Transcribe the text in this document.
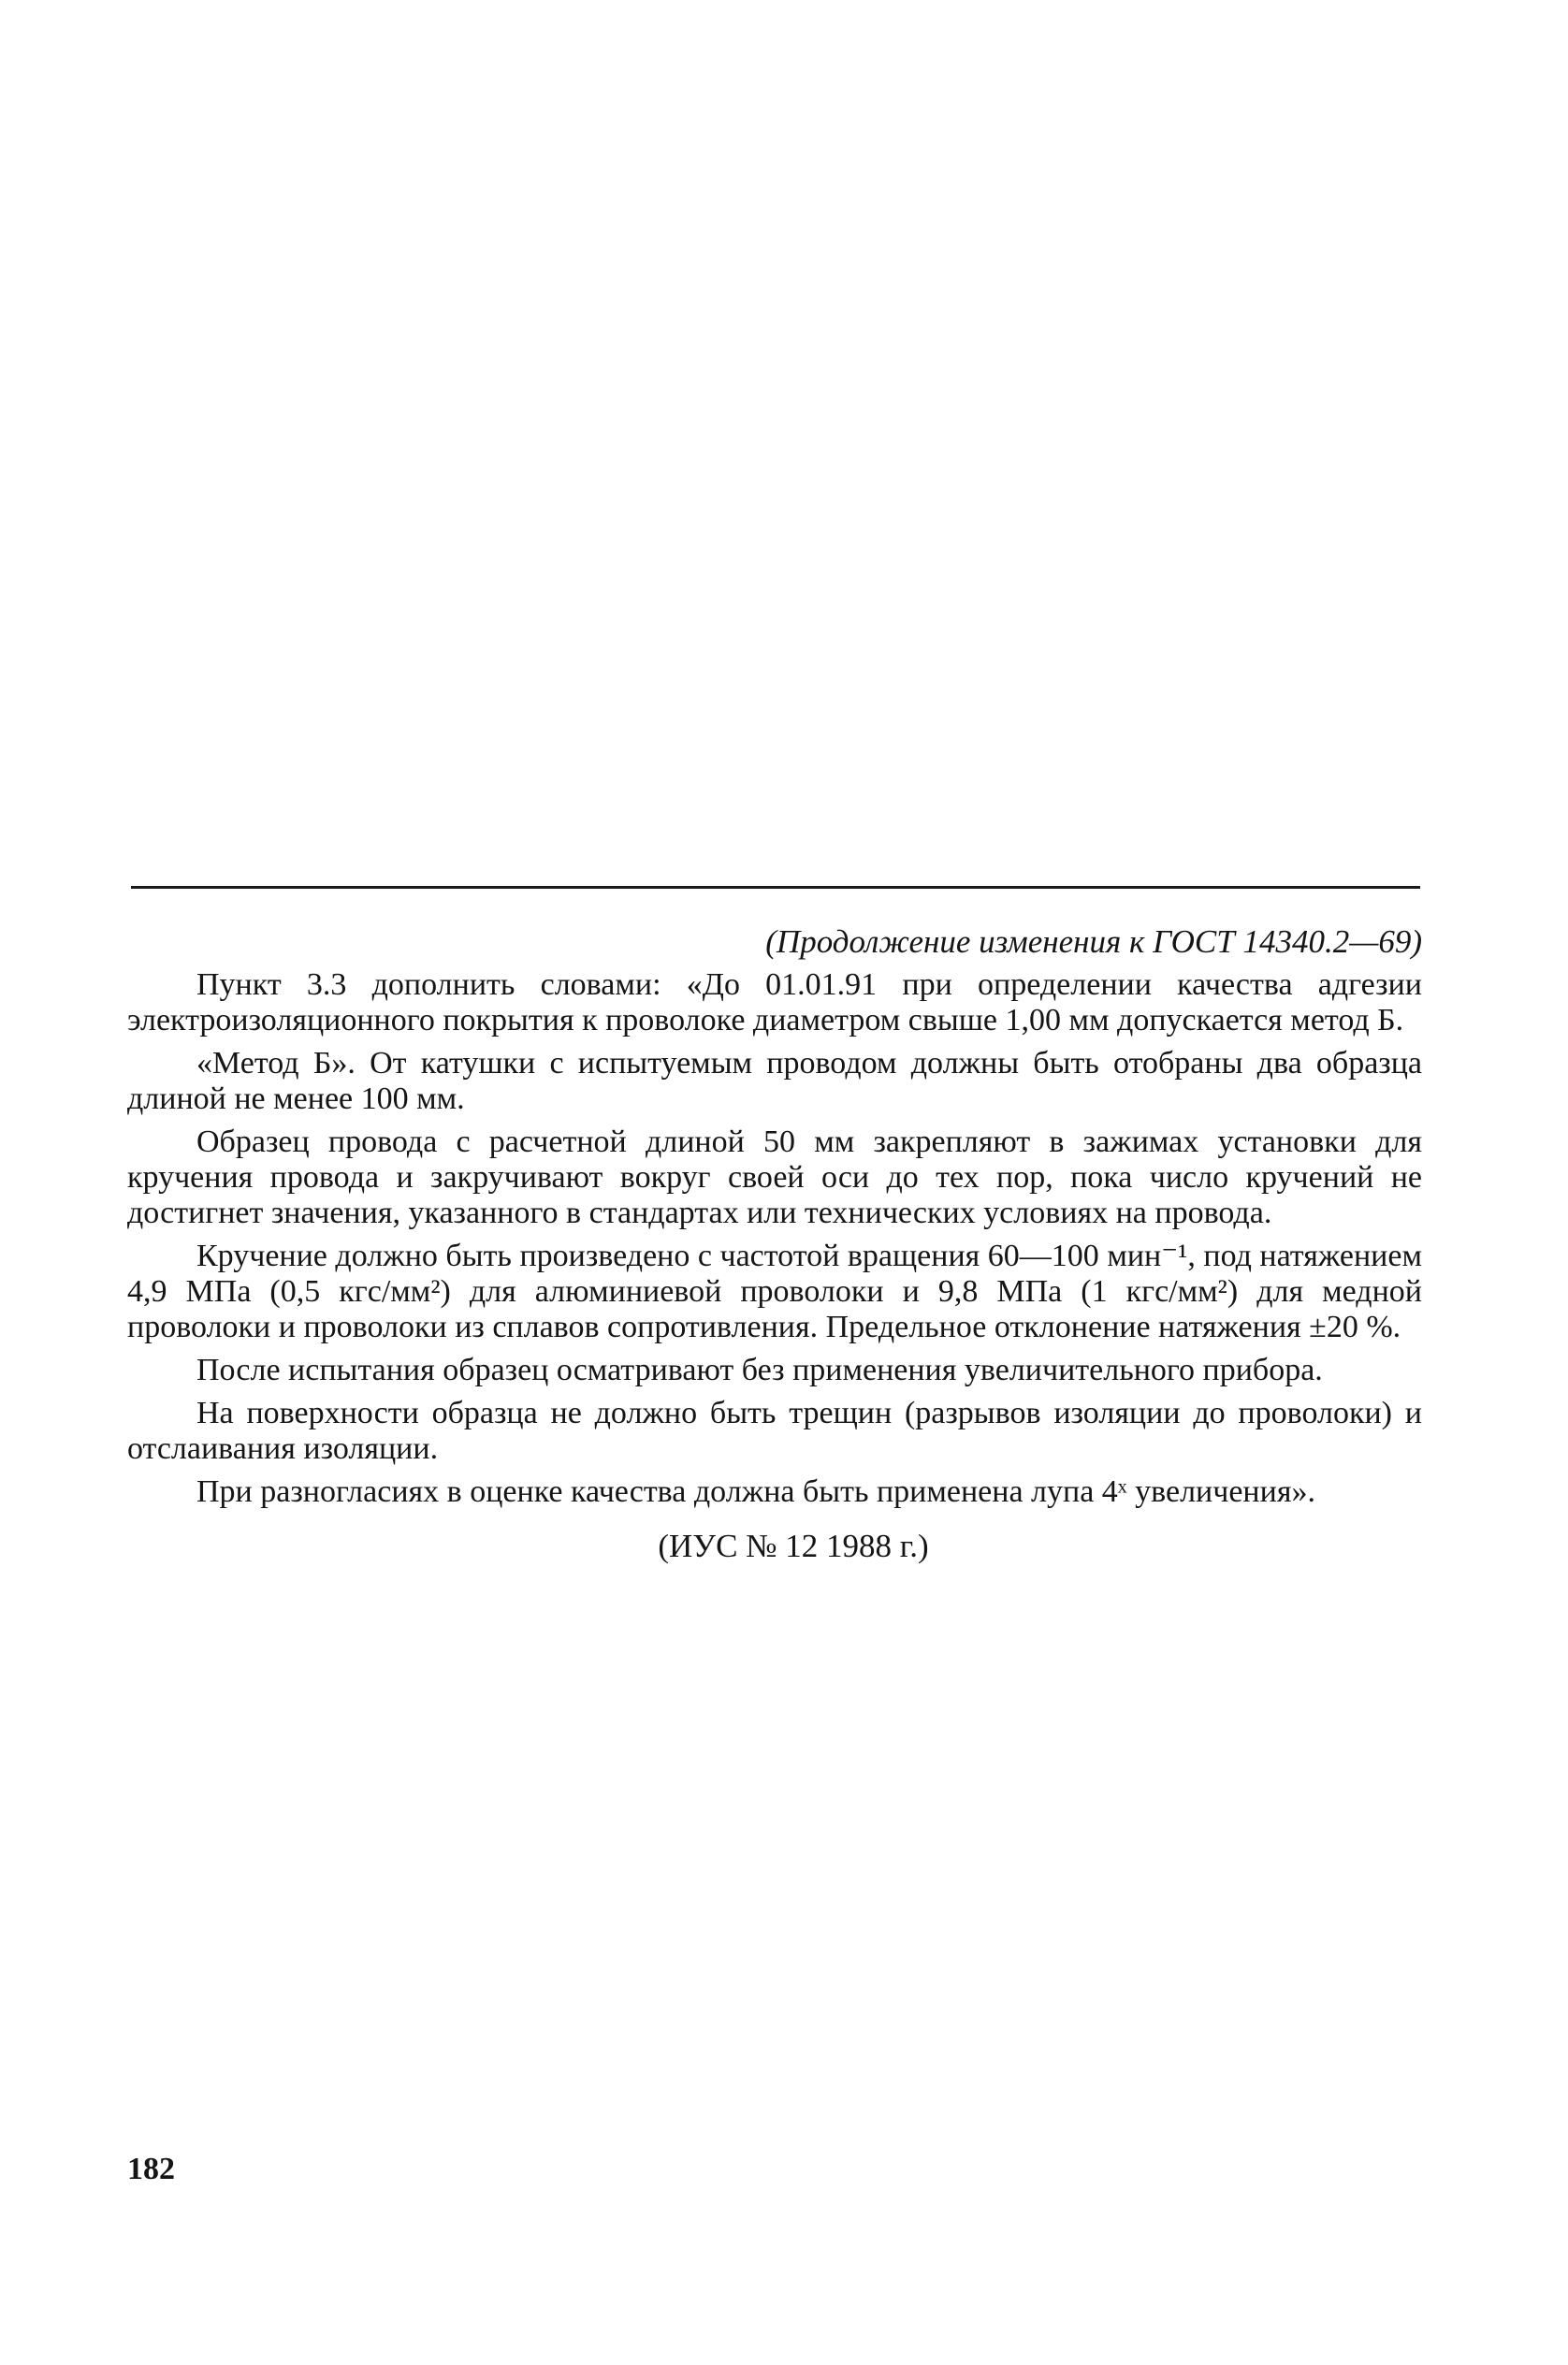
(Продолжение изменения к ГОСТ 14340.2—69)

Пункт 3.3 дополнить словами: «До 01.01.91 при определении качества адгезии электроизоляционного покрытия к проволоке диаметром свыше 1,00 мм допускается метод Б.

«Метод Б». От катушки с испытуемым проводом должны быть отобраны два образца длиной не менее 100 мм.

Образец провода с расчетной длиной 50 мм закрепляют в зажимах установки для кручения провода и закручивают вокруг своей оси до тех пор, пока число кручений не достигнет значения, указанного в стандартах или технических условиях на провода.

Кручение должно быть произведено с частотой вращения 60—100 мин⁻¹, под натяжением 4,9 МПа (0,5 кгс/мм²) для алюминиевой проволоки и 9,8 МПа (1 кгс/мм²) для медной проволоки и проволоки из сплавов сопротивления. Предельное отклонение натяжения ±20 %.

После испытания образец осматривают без применения увеличительного прибора.

На поверхности образца не должно быть трещин (разрывов изоляции до проволоки) и отслаивания изоляции.

При разногласиях в оценке качества должна быть применена лупа 4ˣ увеличения».

(ИУС № 12 1988 г.)
182
